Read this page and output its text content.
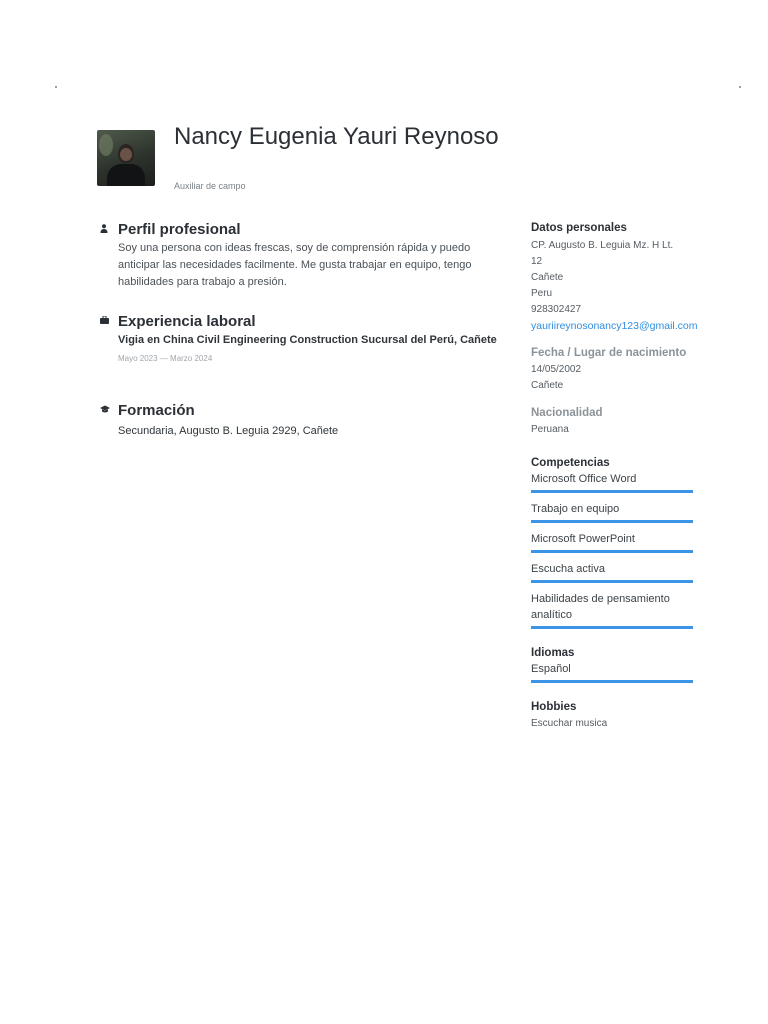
Nancy Eugenia Yauri Reynoso
Auxiliar de campo
Perfil profesional
Soy una persona con ideas frescas, soy de comprensión rápida y puedo anticipar las necesidades facilmente. Me gusta trabajar en equipo, tengo habilidades para trabajo a presión.
Experiencia laboral
Vigia en China Civil Engineering Construction Sucursal del Perú, Cañete
Mayo 2023 — Marzo 2024
Formación
Secundaria, Augusto B. Leguia 2929, Cañete
Datos personales
CP. Augusto B. Leguia Mz. H Lt.
12
Cañete
Peru
928302427
yauriireynosonancy123@gmail.com
Fecha / Lugar de nacimiento
14/05/2002
Cañete
Nacionalidad
Peruana
Competencias
Microsoft Office Word
Trabajo en equipo
Microsoft PowerPoint
Escucha activa
Habilidades de pensamiento analítico
Idiomas
Español
Hobbies
Escuchar musica
